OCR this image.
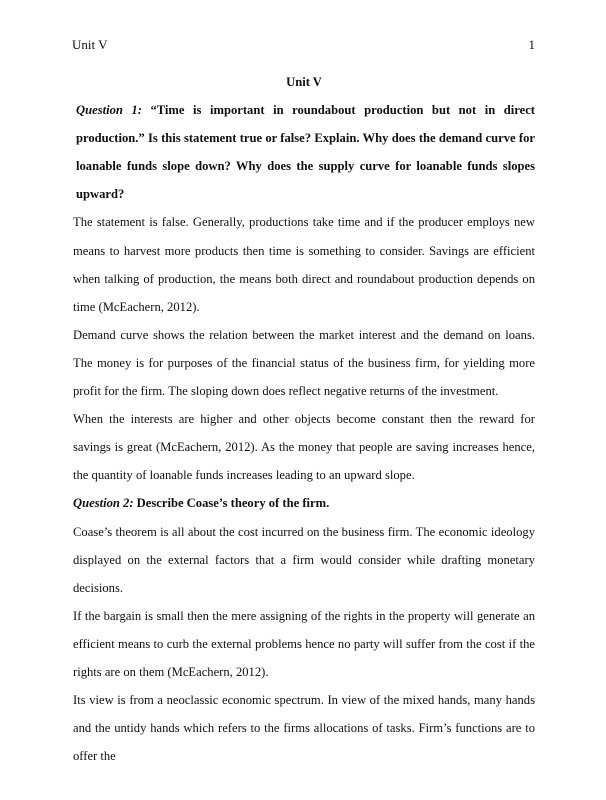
Unit V	1

Unit V

Question 1: “Time is important in roundabout production but not in direct production.” Is this statement true or false? Explain. Why does the demand curve for loanable funds slope down? Why does the supply curve for loanable funds slopes upward?

The statement is false. Generally, productions take time and if the producer employs new means to harvest more products then time is something to consider. Savings are efficient when talking of production, the means both direct and roundabout production depends on time (McEachern, 2012).

Demand curve shows the relation between the market interest and the demand on loans. The money is for purposes of the financial status of the business firm, for yielding more profit for the firm. The sloping down does reflect negative returns of the investment.

When the interests are higher and other objects become constant then the reward for savings is great (McEachern, 2012). As the money that people are saving increases hence, the quantity of loanable funds increases leading to an upward slope.

Question 2: Describe Coase’s theory of the firm.

Coase’s theorem is all about the cost incurred on the business firm. The economic ideology displayed on the external factors that a firm would consider while drafting monetary decisions.

If the bargain is small then the mere assigning of the rights in the property will generate an efficient means to curb the external problems hence no party will suffer from the cost if the rights are on them (McEachern, 2012).

Its view is from a neoclassic economic spectrum. In view of the mixed hands, many hands and the untidy hands which refers to the firms allocations of tasks. Firm’s functions are to offer the
